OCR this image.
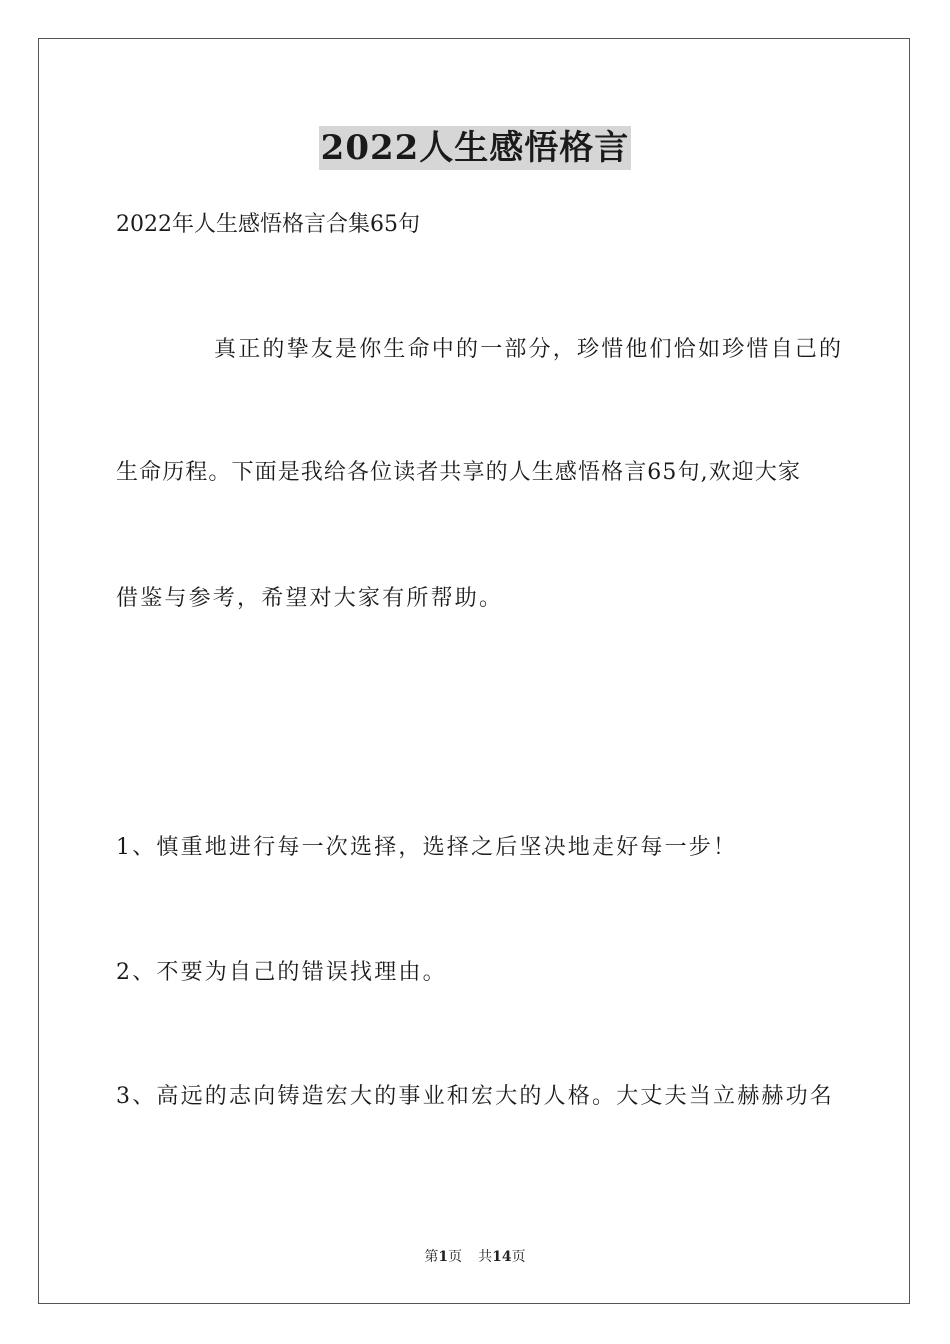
2022人生感悟格言
2022年人生感悟格言合集65句
真正的挚友是你生命中的一部分，珍惜他们恰如珍惜自己的
生命历程。下面是我给各位读者共享的人生感悟格言65句,欢迎大家
借鉴与参考，希望对大家有所帮助。
1、慎重地进行每一次选择，选择之后坚决地走好每一步！
2、不要为自己的错误找理由。
3、高远的志向铸造宏大的事业和宏大的人格。大丈夫当立赫赫功名
第1页 共14页
